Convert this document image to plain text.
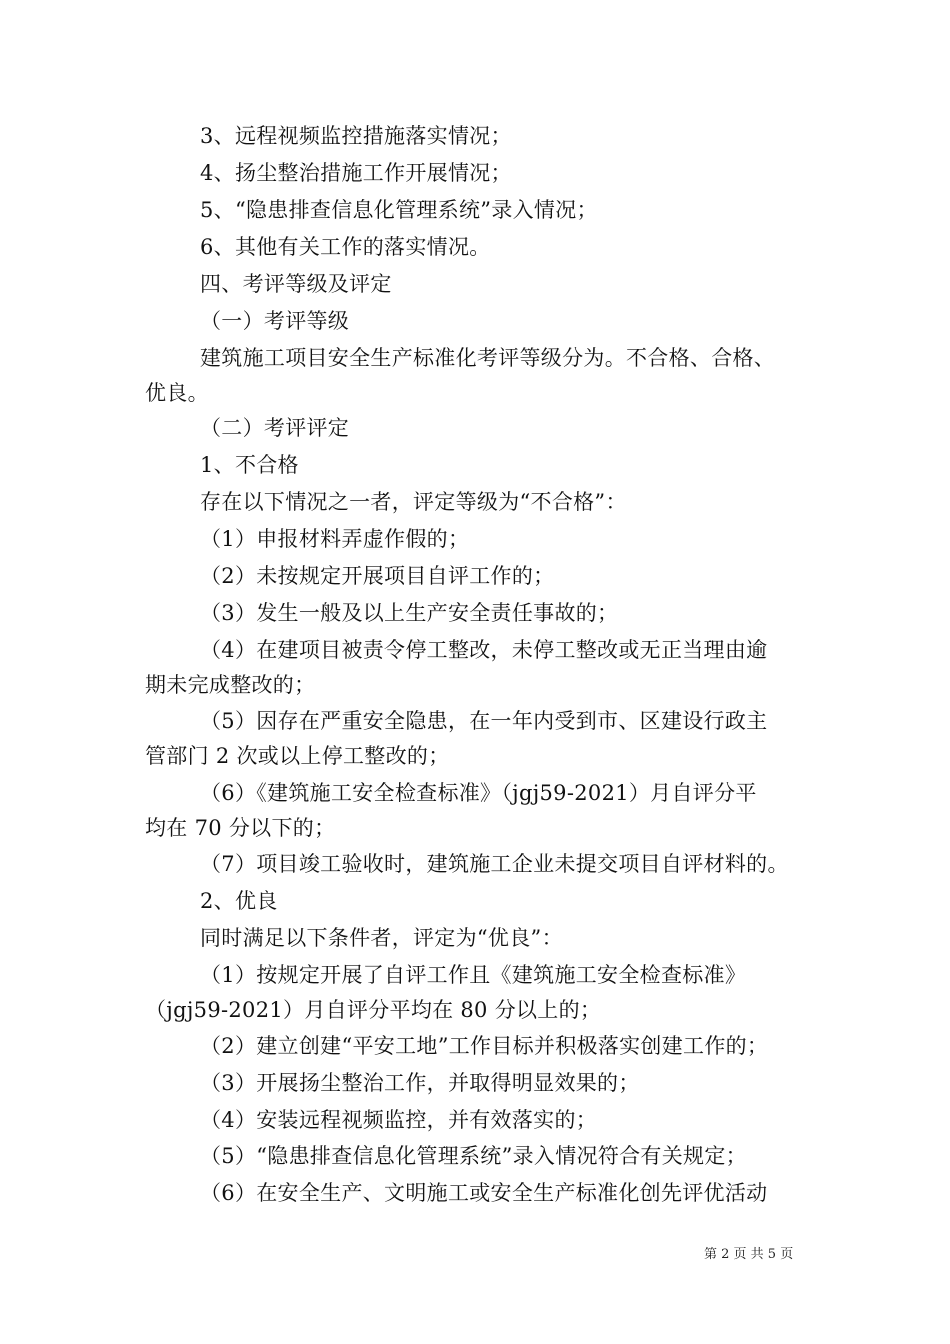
3、远程视频监控措施落实情况；
4、扬尘整治措施工作开展情况；
5、“隐患排查信息化管理系统”录入情况；
6、其他有关工作的落实情况。
四、考评等级及评定
（一）考评等级
建筑施工项目安全生产标准化考评等级分为。不合格、合格、
优良。
（二）考评评定
1、不合格
存在以下情况之一者，评定等级为“不合格”：
（1）申报材料弄虚作假的；
（2）未按规定开展项目自评工作的；
（3）发生一般及以上生产安全责任事故的；
（4）在建项目被责令停工整改，未停工整改或无正当理由逾
期未完成整改的；
（5）因存在严重安全隐患，在一年内受到市、区建设行政主
管部门 2 次或以上停工整改的；
（6）《建筑施工安全检查标准》（jgj59-2021）月自评分平
均在 70 分以下的；
（7）项目竣工验收时，建筑施工企业未提交项目自评材料的。
2、优良
同时满足以下条件者，评定为“优良”：
（1）按规定开展了自评工作且《建筑施工安全检查标准》
（jgj59-2021）月自评分平均在 80 分以上的；
（2）建立创建“平安工地”工作目标并积极落实创建工作的；
（3）开展扬尘整治工作，并取得明显效果的；
（4）安装远程视频监控，并有效落实的；
（5）“隐患排查信息化管理系统”录入情况符合有关规定；
（6）在安全生产、文明施工或安全生产标准化创先评优活动
第 2 页 共 5 页
